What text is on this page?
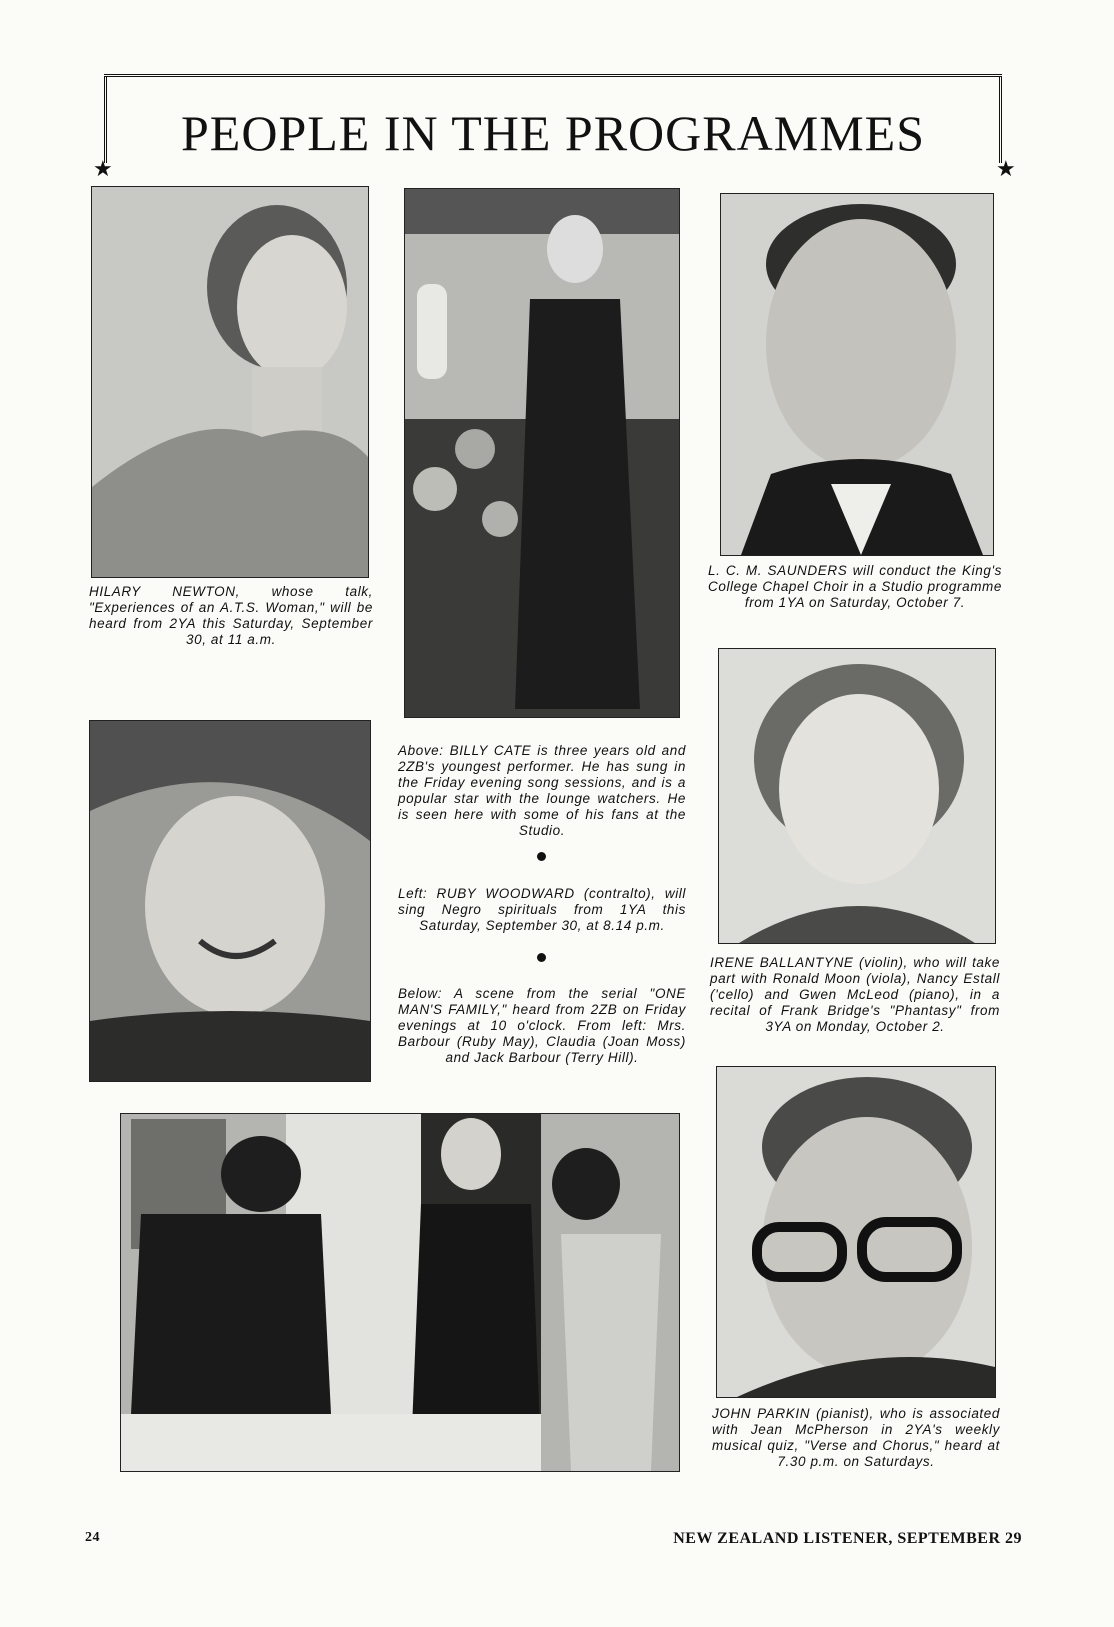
★	★
PEOPLE IN THE PROGRAMMES
HILARY NEWTON, whose talk, "Experiences of an A.T.S. Woman," will be heard from 2YA this Saturday, September 30, at 11 a.m.
L. C. M. SAUNDERS will conduct the King's College Chapel Choir in a Studio programme from 1YA on Saturday, October 7.
Above: BILLY CATE is three years old and 2ZB's youngest performer. He has sung in the Friday evening song sessions, and is a popular star with the lounge watchers. He is seen here with some of his fans at the Studio.
Left: RUBY WOODWARD (contralto), will sing Negro spirituals from 1YA this Saturday, September 30, at 8.14 p.m.
Below: A scene from the serial "ONE MAN'S FAMILY," heard from 2ZB on Friday evenings at 10 o'clock. From left: Mrs. Barbour (Ruby May), Claudia (Joan Moss) and Jack Barbour (Terry Hill).
IRENE BALLANTYNE (violin), who will take part with Ronald Moon (viola), Nancy Estall ('cello) and Gwen McLeod (piano), in a recital of Frank Bridge's "Phantasy" from 3YA on Monday, October 2.
JOHN PARKIN (pianist), who is associated with Jean McPherson in 2YA's weekly musical quiz, "Verse and Chorus," heard at 7.30 p.m. on Saturdays.
24	NEW ZEALAND LISTENER, SEPTEMBER 29
